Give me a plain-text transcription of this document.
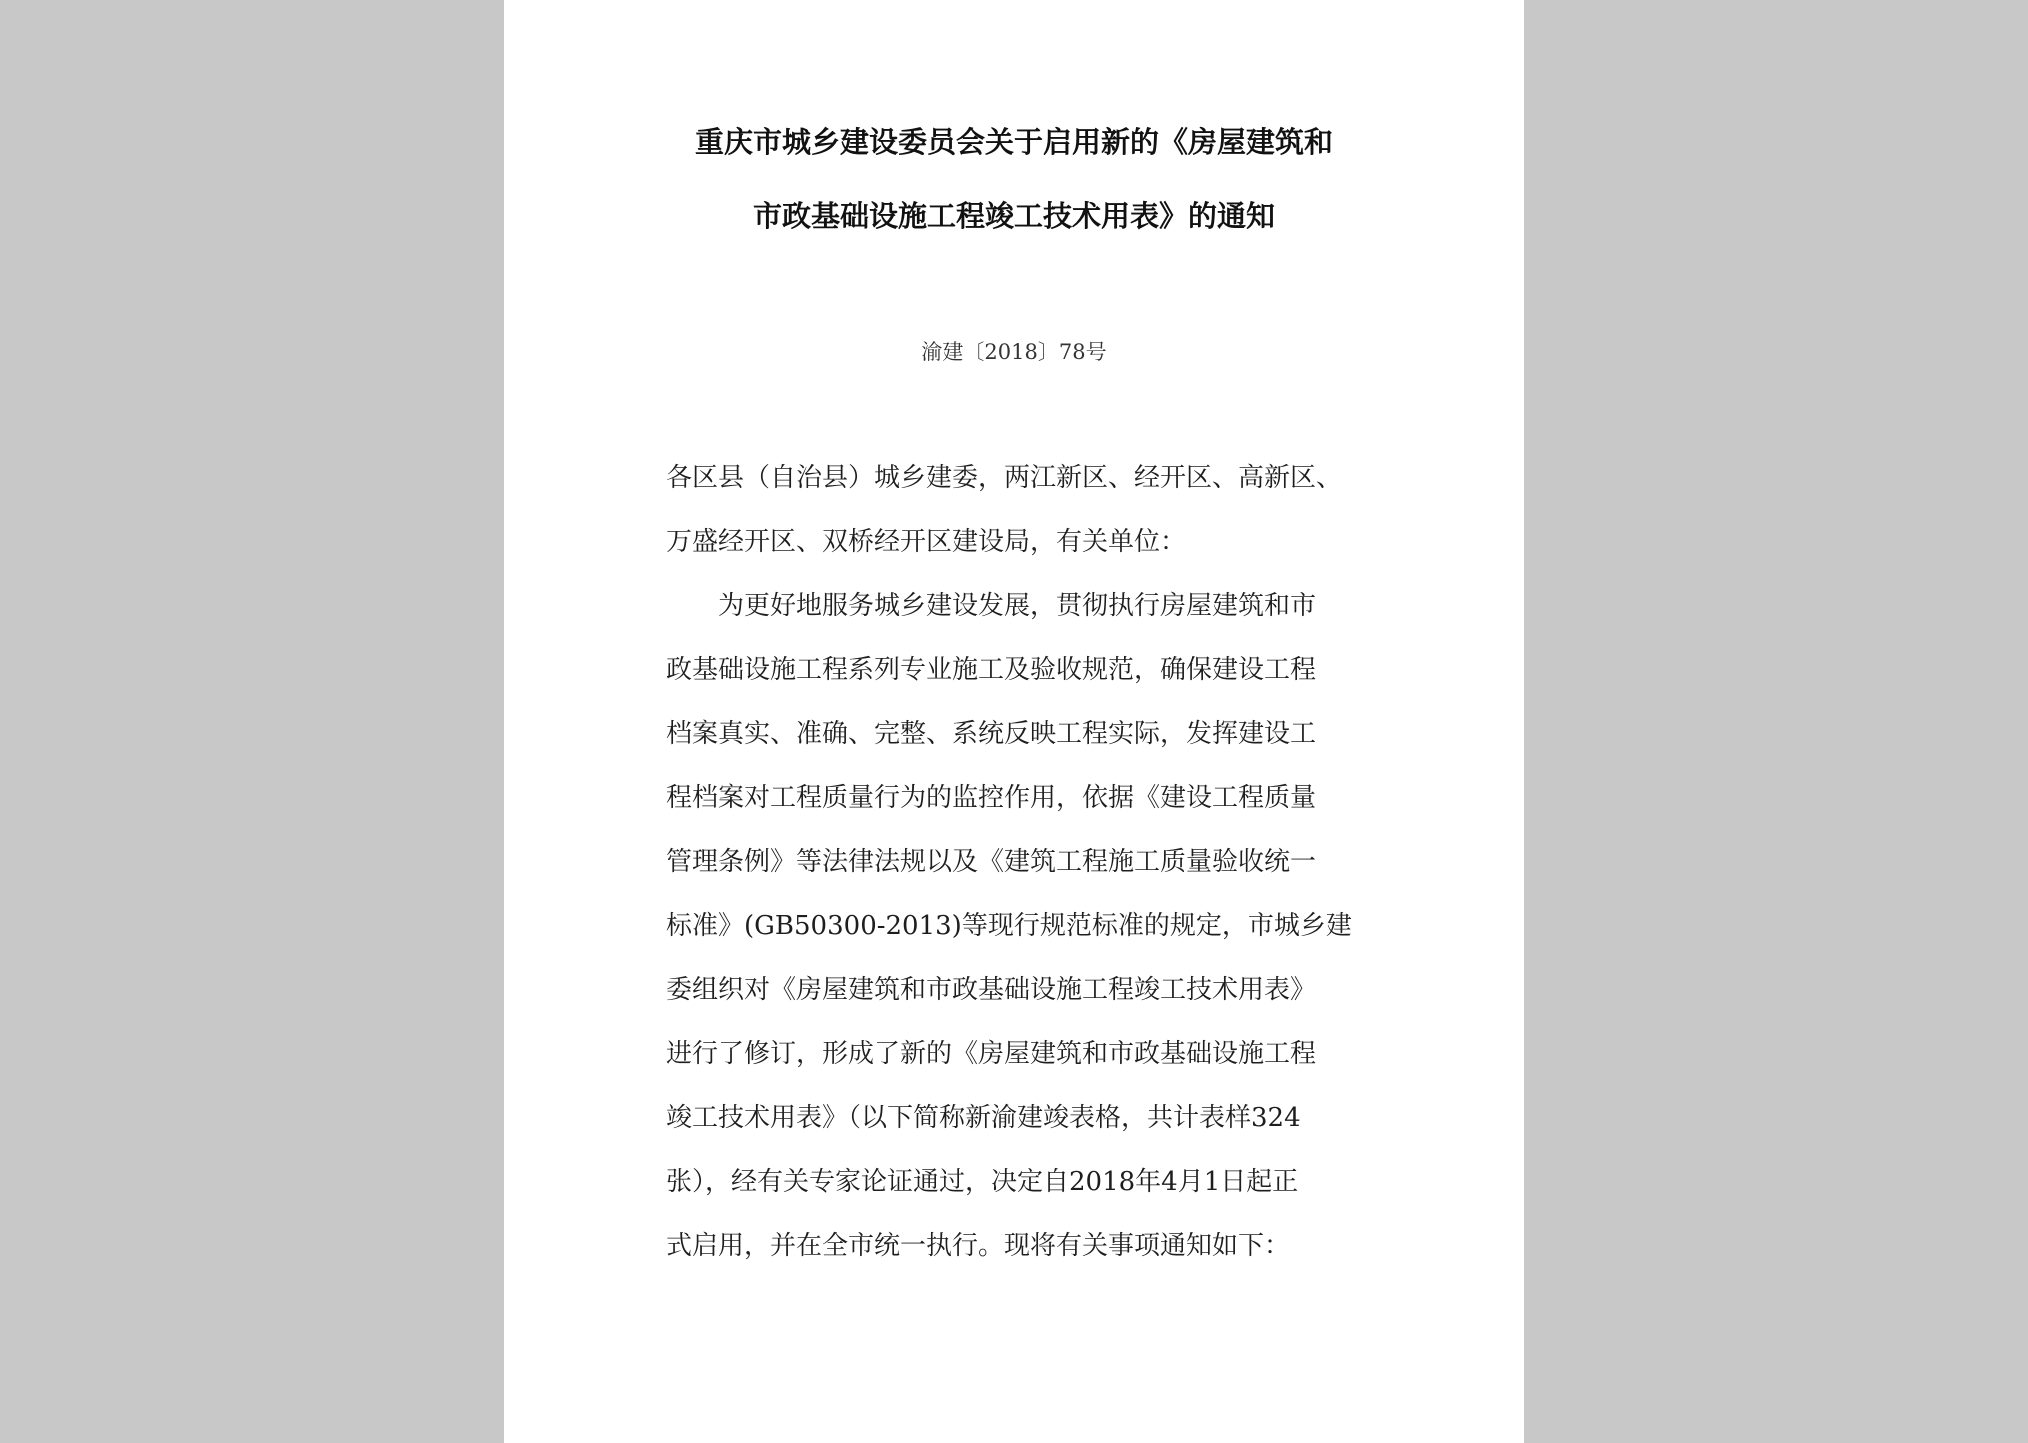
重庆市城乡建设委员会关于启用新的《房屋建筑和
市政基础设施工程竣工技术用表》的通知
渝建〔2018〕78号
各区县（自治县）城乡建委，两江新区、经开区、高新区、
万盛经开区、双桥经开区建设局，有关单位：
为更好地服务城乡建设发展，贯彻执行房屋建筑和市
政基础设施工程系列专业施工及验收规范，确保建设工程
档案真实、准确、完整、系统反映工程实际，发挥建设工
程档案对工程质量行为的监控作用，依据《建设工程质量
管理条例》等法律法规以及《建筑工程施工质量验收统一
标准》(GB50300-2013)等现行规范标准的规定，市城乡建
委组织对《房屋建筑和市政基础设施工程竣工技术用表》
进行了修订，形成了新的《房屋建筑和市政基础设施工程
竣工技术用表》（以下简称新渝建竣表格，共计表样324
张），经有关专家论证通过，决定自2018年4月1日起正
式启用，并在全市统一执行。现将有关事项通知如下：
